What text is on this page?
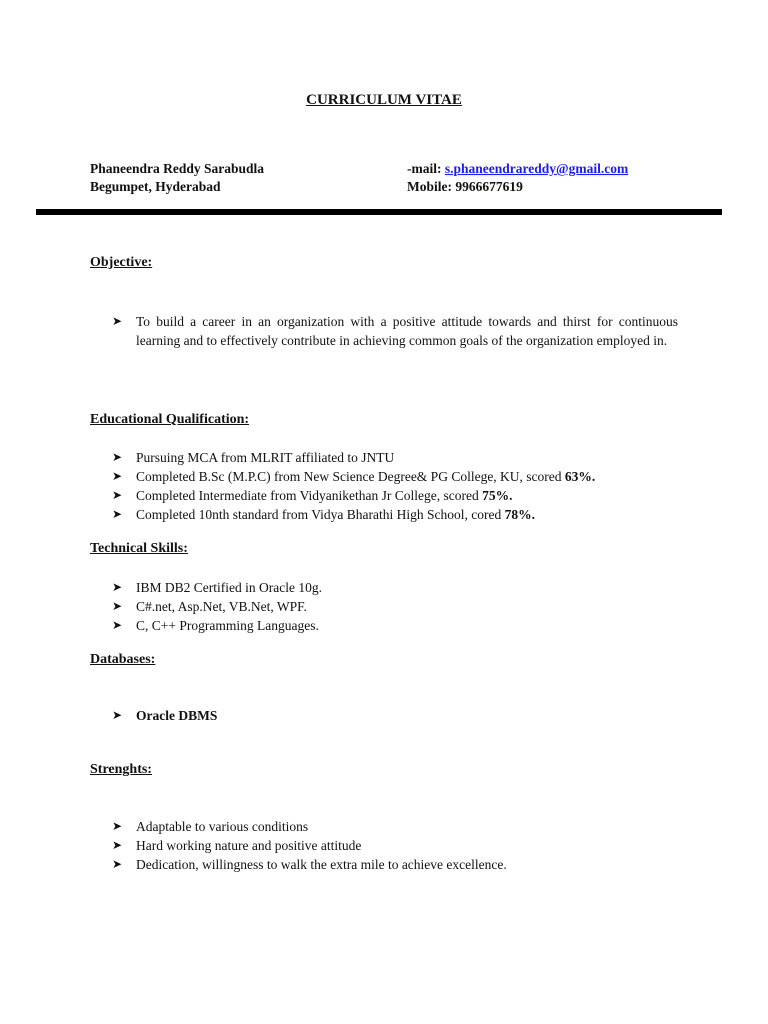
CURRICULUM VITAE
Phaneendra Reddy Sarabudla
Begumpet, Hyderabad
-mail: s.phaneendrareddy@gmail.com
Mobile: 9966677619
Objective:
➤ To build a career in an organization with a positive attitude towards and thirst for continuous learning and to effectively contribute in achieving common goals of the organization employed in.
Educational Qualification:
➤ Pursuing MCA from MLRIT affiliated to JNTU
➤ Completed B.Sc (M.P.C) from New Science Degree& PG College, KU, scored 63%.
➤ Completed Intermediate from Vidyanikethan Jr College, scored 75%.
➤ Completed 10nth standard from Vidya Bharathi High School, cored 78%.
Technical Skills:
➤ IBM DB2 Certified in Oracle 10g.
➤ C#.net, Asp.Net, VB.Net, WPF.
➤ C, C++ Programming Languages.
Databases:
➤ Oracle DBMS
Strenghts:
➤ Adaptable to various conditions
➤ Hard working nature and positive attitude
➤ Dedication, willingness to walk the extra mile to achieve excellence.
